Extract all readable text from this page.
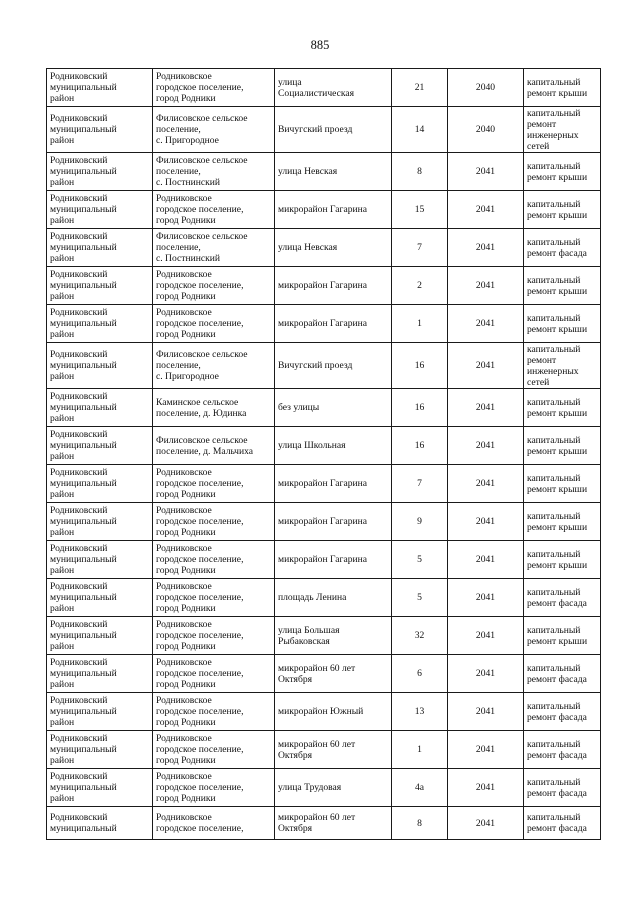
885
Родниковский
муниципальный
район	Родниковское
городское поселение,
город Родники	улица
Социалистическая	21	2040	капитальный
ремонт крыши
Родниковский
муниципальный
район	Филисовское сельское
поселение,
с. Пригородное	Вичугский проезд	14	2040	капитальный
ремонт
инженерных
сетей
Родниковский
муниципальный
район	Филисовское сельское
поселение,
с. Постнинский	улица Невская	8	2041	капитальный
ремонт крыши
Родниковский
муниципальный
район	Родниковское
городское поселение,
город Родники	микрорайон Гагарина	15	2041	капитальный
ремонт крыши
Родниковский
муниципальный
район	Филисовское сельское
поселение,
с. Постнинский	улица Невская	7	2041	капитальный
ремонт фасада
Родниковский
муниципальный
район	Родниковское
городское поселение,
город Родники	микрорайон Гагарина	2	2041	капитальный
ремонт крыши
Родниковский
муниципальный
район	Родниковское
городское поселение,
город Родники	микрорайон Гагарина	1	2041	капитальный
ремонт крыши
Родниковский
муниципальный
район	Филисовское сельское
поселение,
с. Пригородное	Вичугский проезд	16	2041	капитальный
ремонт
инженерных
сетей
Родниковский
муниципальный
район	Каминское сельское
поселение, д. Юдинка	без улицы	16	2041	капитальный
ремонт крыши
Родниковский
муниципальный
район	Филисовское сельское
поселение, д. Мальчиха	улица Школьная	16	2041	капитальный
ремонт крыши
Родниковский
муниципальный
район	Родниковское
городское поселение,
город Родники	микрорайон Гагарина	7	2041	капитальный
ремонт крыши
Родниковский
муниципальный
район	Родниковское
городское поселение,
город Родники	микрорайон Гагарина	9	2041	капитальный
ремонт крыши
Родниковский
муниципальный
район	Родниковское
городское поселение,
город Родники	микрорайон Гагарина	5	2041	капитальный
ремонт крыши
Родниковский
муниципальный
район	Родниковское
городское поселение,
город Родники	площадь Ленина	5	2041	капитальный
ремонт фасада
Родниковский
муниципальный
район	Родниковское
городское поселение,
город Родники	улица Большая
Рыбаковская	32	2041	капитальный
ремонт крыши
Родниковский
муниципальный
район	Родниковское
городское поселение,
город Родники	микрорайон 60 лет
Октября	6	2041	капитальный
ремонт фасада
Родниковский
муниципальный
район	Родниковское
городское поселение,
город Родники	микрорайон Южный	13	2041	капитальный
ремонт фасада
Родниковский
муниципальный
район	Родниковское
городское поселение,
город Родники	микрорайон 60 лет
Октября	1	2041	капитальный
ремонт фасада
Родниковский
муниципальный
район	Родниковское
городское поселение,
город Родники	улица Трудовая	4а	2041	капитальный
ремонт фасада
Родниковский
муниципальный	Родниковское
городское поселение,	микрорайон 60 лет
Октября	8	2041	капитальный
ремонт фасада
